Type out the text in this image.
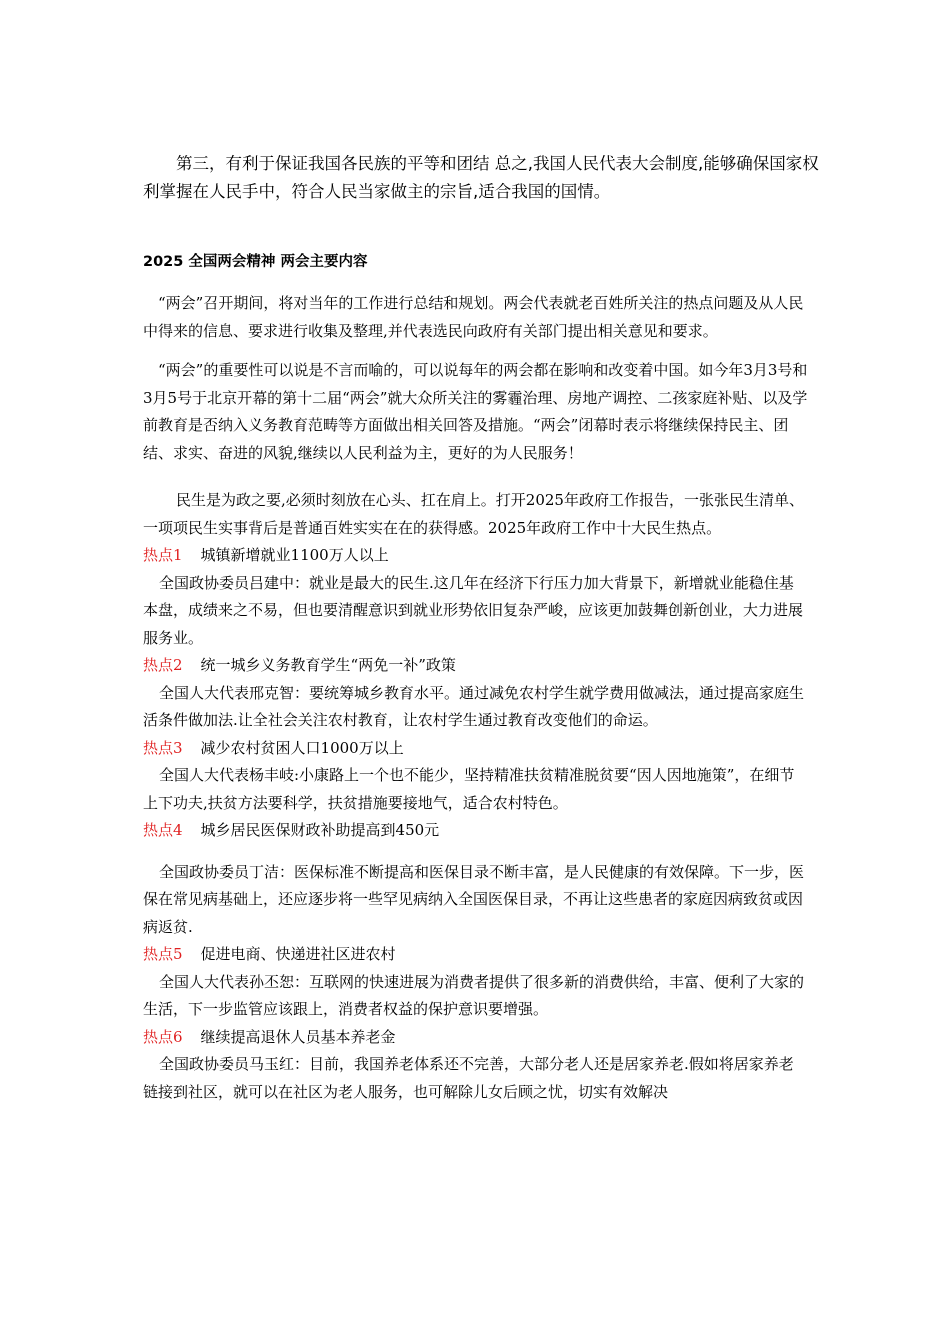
第三，有利于保证我国各民族的平等和团结 总之,我国人民代表大会制度,能够确保国家权利掌握在人民手中，符合人民当家做主的宗旨,适合我国的国情。
2025 全国两会精神 两会主要内容

“两会”召开期间，将对当年的工作进行总结和规划。两会代表就老百姓所关注的热点问题及从人民中得来的信息、要求进行收集及整理,并代表选民向政府有关部门提出相关意见和要求。

“两会”的重要性可以说是不言而喻的，可以说每年的两会都在影响和改变着中国。如今年3月3号和3月5号于北京开幕的第十二届“两会”就大众所关注的雾霾治理、房地产调控、二孩家庭补贴、以及学前教育是否纳入义务教育范畴等方面做出相关回答及措施。“两会”闭幕时表示将继续保持民主、团结、求实、奋进的风貌,继续以人民利益为主，更好的为人民服务！

民生是为政之要,必须时刻放在心头、扛在肩上。打开2025年政府工作报告，一张张民生清单、一项项民生实事背后是普通百姓实实在在的获得感。2025年政府工作中十大民生热点。

热点1 城镇新增就业1100万人以上

全国政协委员吕建中：就业是最大的民生.这几年在经济下行压力加大背景下，新增就业能稳住基本盘，成绩来之不易，但也要清醒意识到就业形势依旧复杂严峻，应该更加鼓舞创新创业，大力进展服务业。

热点2 统一城乡义务教育学生“两免一补”政策

全国人大代表邢克智：要统筹城乡教育水平。通过减免农村学生就学费用做减法，通过提高家庭生活条件做加法.让全社会关注农村教育，让农村学生通过教育改变他们的命运。

热点3 减少农村贫困人口1000万以上

全国人大代表杨丰岐:小康路上一个也不能少，坚持精准扶贫精准脱贫要“因人因地施策”，在细节上下功夫,扶贫方法要科学，扶贫措施要接地气，适合农村特色。

热点4 城乡居民医保财政补助提高到450元

全国政协委员丁洁：医保标准不断提高和医保目录不断丰富，是人民健康的有效保障。下一步，医保在常见病基础上，还应逐步将一些罕见病纳入全国医保目录，不再让这些患者的家庭因病致贫或因病返贫.

热点5 促进电商、快递进社区进农村

全国人大代表孙丕恕：互联网的快速进展为消费者提供了很多新的消费供给，丰富、便利了大家的生活，下一步监管应该跟上，消费者权益的保护意识要增强。

热点6 继续提高退休人员基本养老金

全国政协委员马玉红：目前，我国养老体系还不完善，大部分老人还是居家养老.假如将居家养老链接到社区，就可以在社区为老人服务，也可解除儿女后顾之忧，切实有效解决
